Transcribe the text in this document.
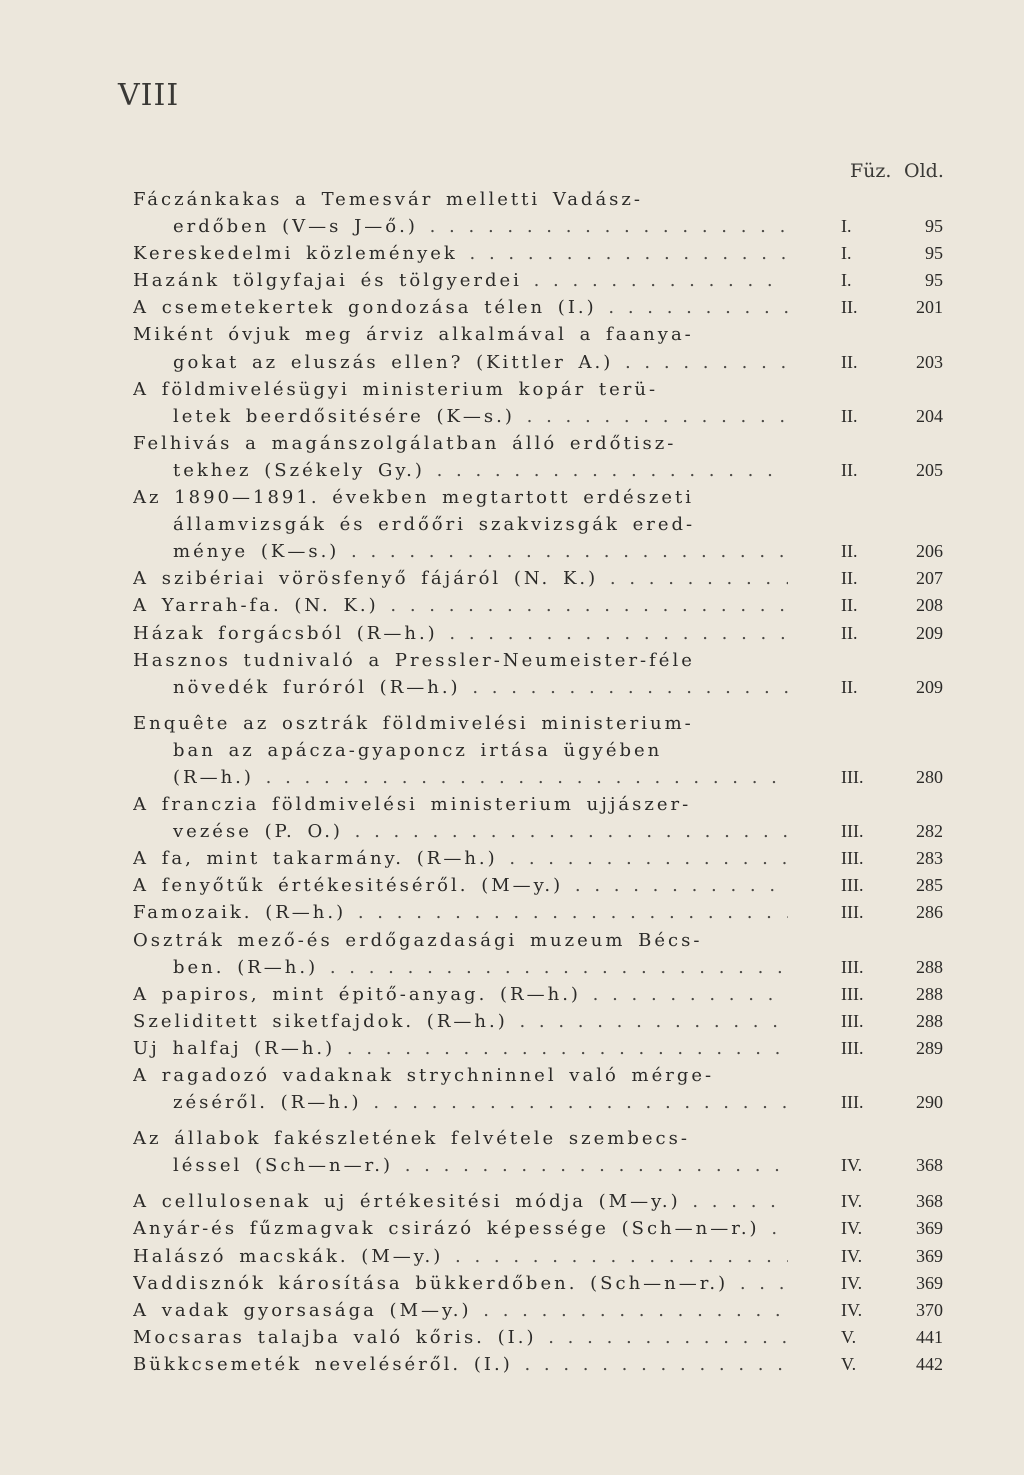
VIII
Füz. Old.
Fáczánkakas a Temesvár melletti Vadász-
erdőben (V—s J—ő.) . . .	I.	95
Kereskedelmi közlemények . . .	I.	95
Hazánk tölgyfajai és tölgyerdei . . .	I.	95
A csemetekertek gondozása télen (I.) . . .	II.	201
Miként óvjuk meg árviz alkalmával a faanya-
gokat az eluszás ellen? (Kittler A.) . . .	II.	203
A földmivelésügyi ministerium kopár terü-
letek beerdősitésére (K—s.) . . .	II.	204
Felhivás a magánszolgálatban álló erdőtisz-
tekhez (Székely Gy.) . . .	II.	205
Az 1890—1891. években megtartott erdészeti
államvizsgák és erdőőri szakvizsgák ered-
ménye (K—s.) . . .	II.	206
A szibériai vörösfenyő fájáról (N. K.) . . .	II.	207
A Yarrah-fa. (N. K.) . . .	II.	208
Házak forgácsból (R—h.) . . .	II.	209
Hasznos tudnivaló a Pressler-Neumeister-féle
növedék furóról (R—h.) . . .	II.	209
Enquête az osztrák földmivelési ministerium-
ban az apácza-gyaponcz irtása ügyében
(R—h.) . . .	III.	280
A franczia földmivelési ministerium ujjászer-
vezése (P. O.) . . .	III.	282
A fa, mint takarmány. (R—h.) . . .	III.	283
A fenyőtűk értékesitéséről. (M—y.) . . .	III.	285
Famozaik. (R—h.) . . .	III.	286
Osztrák mező-és erdőgazdasági muzeum Bécs-
ben. (R—h.) . . .	III.	288
A papiros, mint épitő-anyag. (R—h.) . . .	III.	288
Szeliditett siketfajdok. (R—h.) . . .	III.	288
Uj halfaj (R—h.) . . .	III.	289
A ragadozó vadaknak strychninnel való mérge-
zéséről. (R—h.) . . .	III.	290
Az állabok fakészletének felvétele szembecs-
léssel (Sch—n—r.) . . .	IV.	368
A cellulosenak uj értékesitési módja (M—y.) . . .	IV.	368
Anyár-és fűzmagvak csirázó képessége (Sch—n—r.) . . .	IV.	369
Halászó macskák. (M—y.) . . .	IV.	369
Vaddisznók károsítása bükkerdőben. (Sch—n—r.) . . .	IV.	369
A vadak gyorsasága (M—y.) . . .	IV.	370
Mocsaras talajba való kőris. (I.) . . .	V.	441
Bükkcsemeték neveléséről. (I.) . . .	V.	442
